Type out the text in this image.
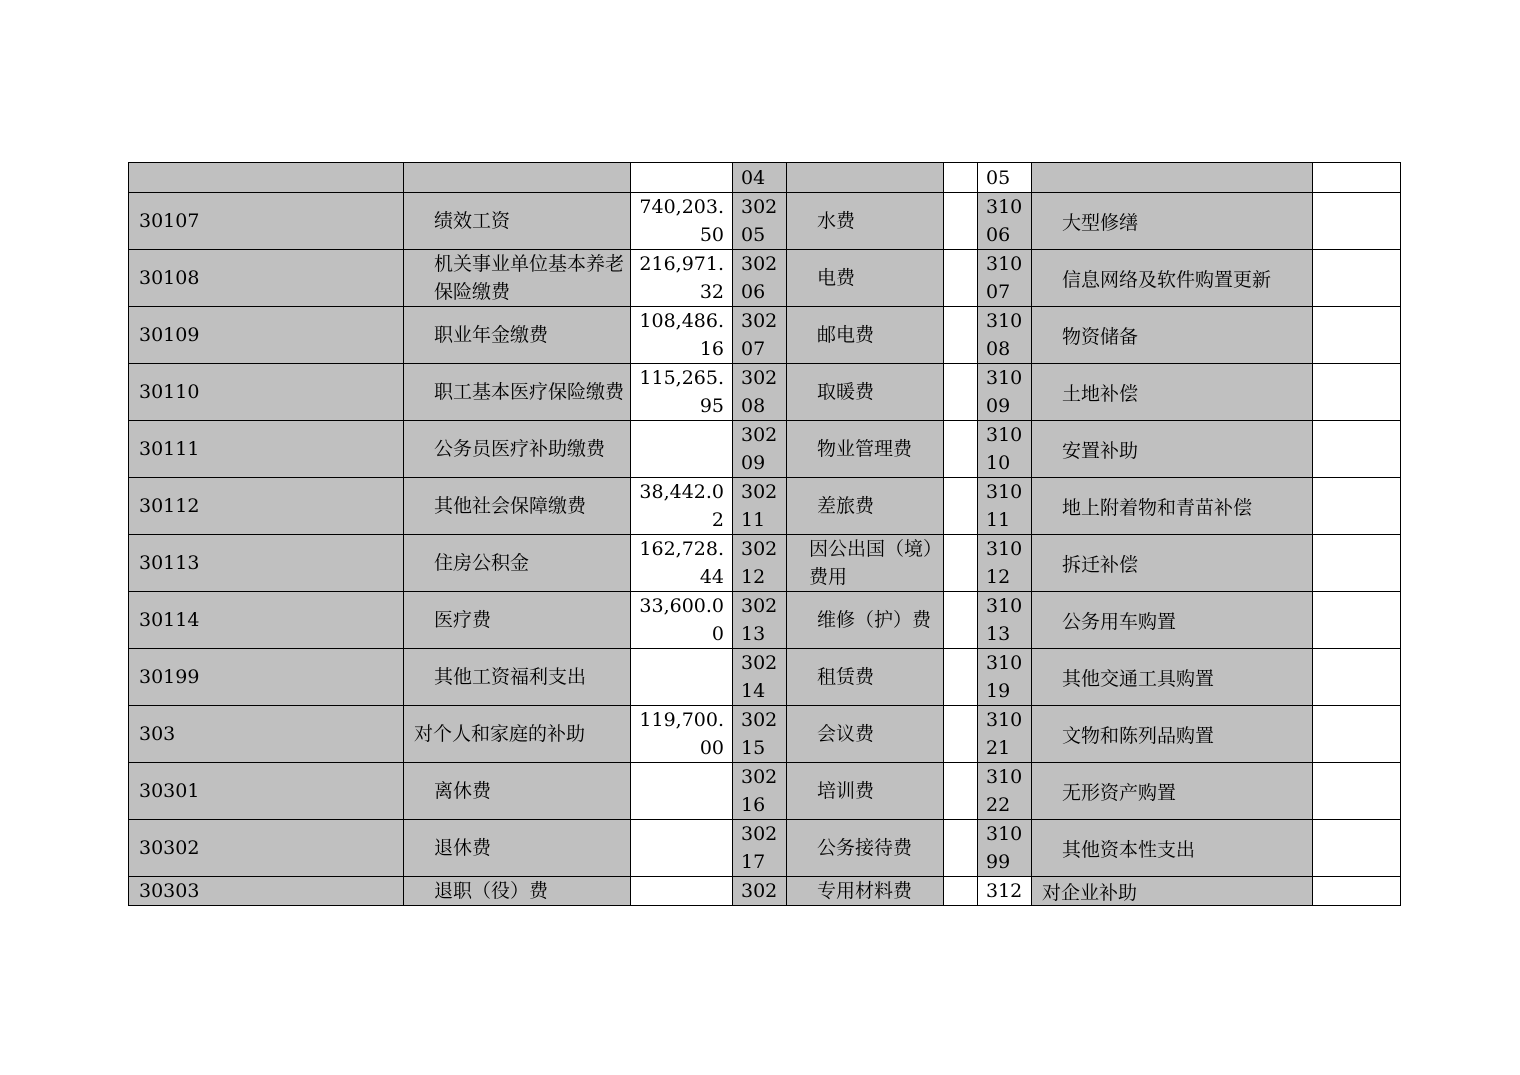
			04			05		
30107	绩效工资	740,203.50	30205	水费		31006	大型修缮	
30108	机关事业单位基本养老保险缴费	216,971.32	30206	电费		31007	信息网络及软件购置更新	
30109	职业年金缴费	108,486.16	30207	邮电费		31008	物资储备	
30110	职工基本医疗保险缴费	115,265.95	30208	取暖费		31009	土地补偿	
30111	公务员医疗补助缴费		30209	物业管理费		31010	安置补助	
30112	其他社会保障缴费	38,442.02	30211	差旅费		31011	地上附着物和青苗补偿	
30113	住房公积金	162,728.44	30212	因公出国（境）费用		31012	拆迁补偿	
30114	医疗费	33,600.00	30213	维修（护）费		31013	公务用车购置	
30199	其他工资福利支出		30214	租赁费		31019	其他交通工具购置	
303	对个人和家庭的补助	119,700.00	30215	会议费		31021	文物和陈列品购置	
30301	离休费		30216	培训费		31022	无形资产购置	
30302	退休费		30217	公务接待费		31099	其他资本性支出	
30303	退职（役）费		302	专用材料费		312	对企业补助	
